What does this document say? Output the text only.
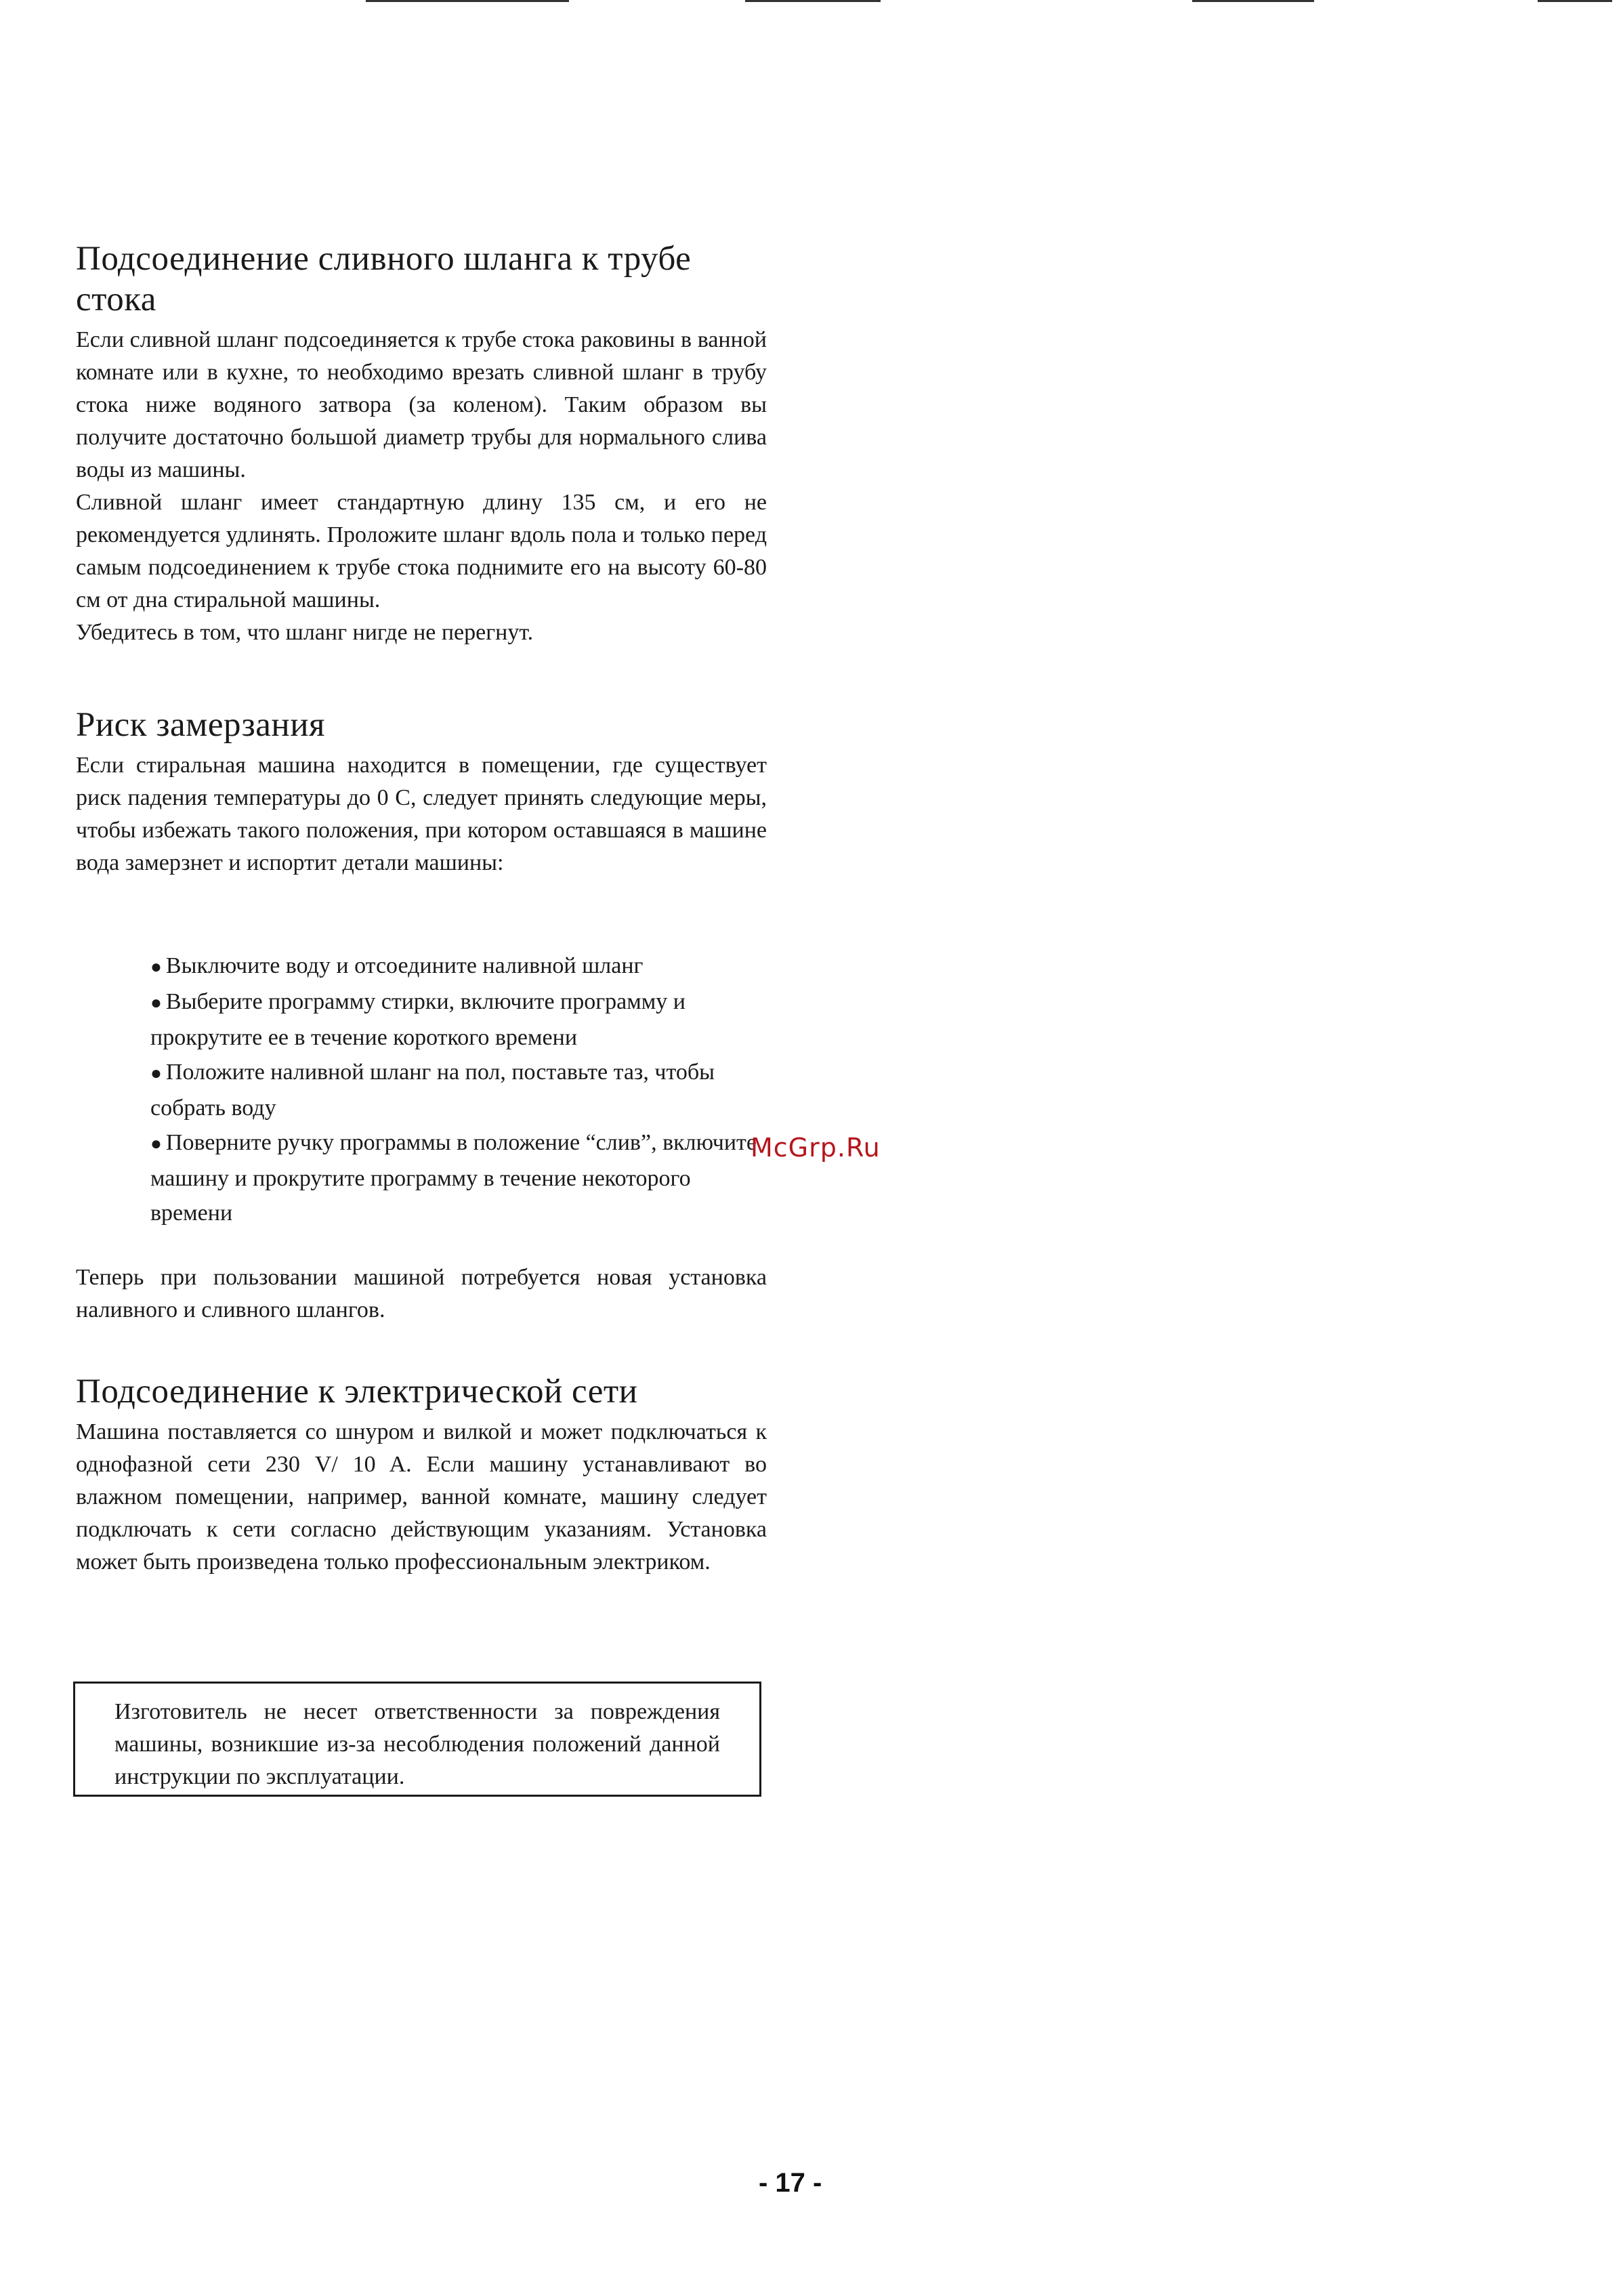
Подсоединение сливного шланга к трубе стока

Если сливной шланг подсоединяется к трубе стока раковины в ванной комнате или в кухне, то необходимо врезать сливной шланг в трубу стока ниже водяного затвора (за коленом). Таким образом вы получите достаточно большой диаметр трубы для нормального слива воды из машины.

Сливной шланг имеет стандартную длину 135 см, и его не рекомендуется удлинять. Проложите шланг вдоль пола и только перед самым подсоединением к трубе стока поднимите его на высоту 60-80 см от дна стиральной машины.

Убедитесь в том, что шланг нигде не перегнут.

Риск замерзания

Если стиральная машина находится в помещении, где существует риск падения температуры до 0 С, следует принять следующие меры, чтобы избежать такого положения, при котором оставшаяся в машине вода замерзнет и испортит детали машины:

● Выключите воду и отсоедините наливной шланг
● Выберите программу стирки, включите программу и прокрутите ее в течение короткого времени
● Положите наливной шланг на пол, поставьте таз, чтобы собрать воду
● Поверните ручку программы в положение “слив”, включите машину и прокрутите программу в течение некоторого времени

Теперь при пользовании машиной потребуется новая установка наливного и сливного шлангов.

Подсоединение к электрической сети

Машина поставляется со шнуром и вилкой и может подключаться к однофазной сети 230 V/ 10 A. Если машину устанавливают во влажном помещении, например, ванной комнате, машину следует подключать к сети согласно действующим указаниям. Установка может быть произведена только профессиональным электриком.

Изготовитель не несет ответственности за повреждения машины, возникшие из-за несоблюдения положений данной инструкции по эксплуатации.

McGrp.Ru
- 17 -
